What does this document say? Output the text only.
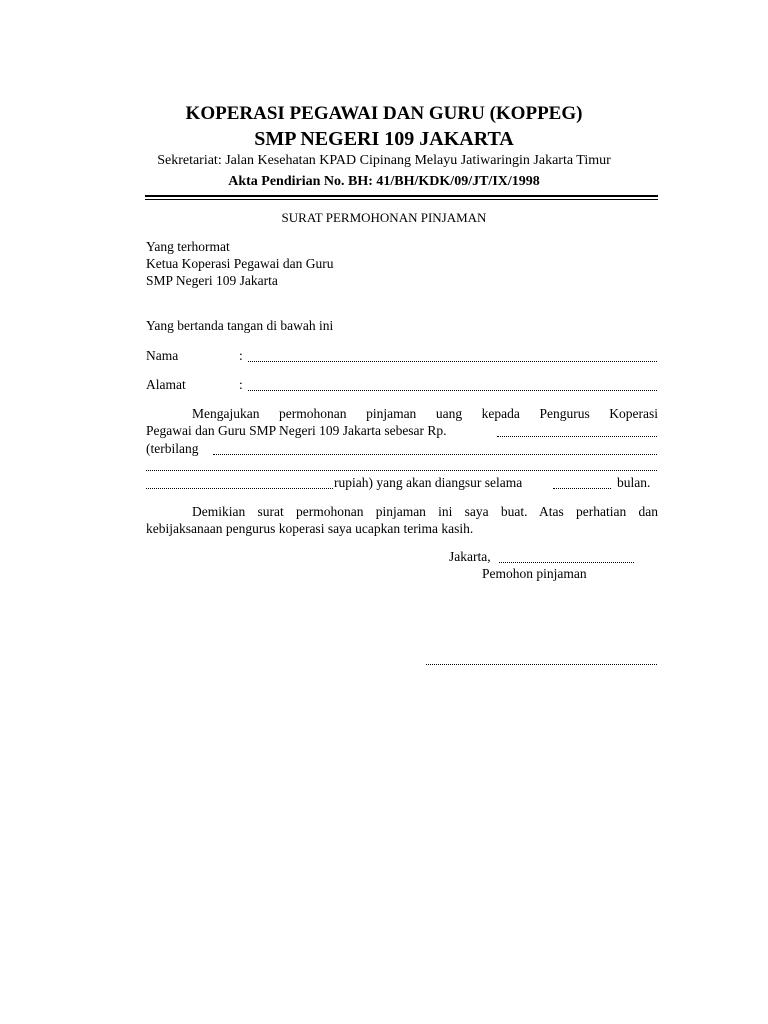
KOPERASI PEGAWAI DAN GURU (KOPPEG)
SMP NEGERI 109 JAKARTA
Sekretariat: Jalan Kesehatan KPAD Cipinang Melayu Jatiwaringin Jakarta Timur
Akta Pendirian No. BH: 41/BH/KDK/09/JT/IX/1998
SURAT PERMOHONAN PINJAMAN
Yang terhormat
Ketua Koperasi Pegawai dan Guru
SMP Negeri 109 Jakarta
Yang bertanda tangan di bawah ini
Nama	:
Alamat	:
Mengajukan permohonan pinjaman uang kepada Pengurus Koperasi
Pegawai dan Guru SMP Negeri 109 Jakarta sebesar Rp.
(terbilang
rupiah) yang akan diangsur selama	bulan.
Demikian surat permohonan pinjaman ini saya buat. Atas perhatian dan
kebijaksanaan pengurus koperasi saya ucapkan terima kasih.
Jakarta,
Pemohon pinjaman
